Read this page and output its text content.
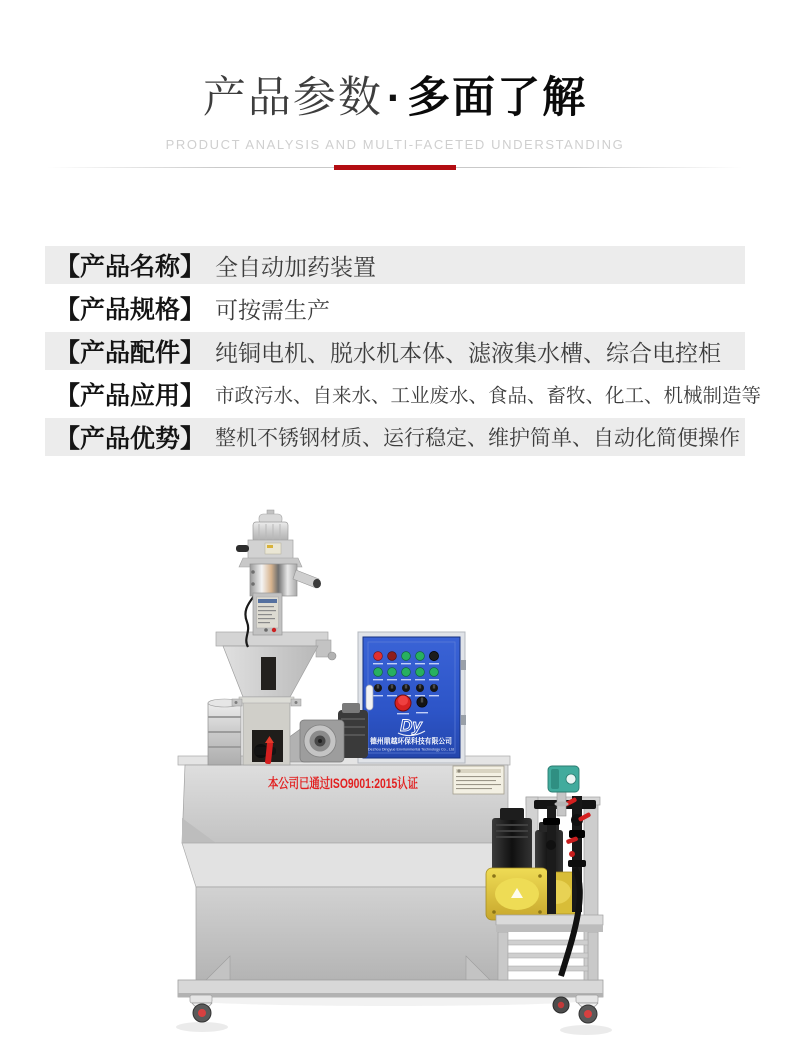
产品参数·多面了解
PRODUCT ANALYSIS AND MULTI-FACETED UNDERSTANDING
【产品名称】 全自动加药装置
【产品规格】 可按需生产
【产品配件】 纯铜电机、脱水机本体、滤液集水槽、综合电控柜
【产品应用】 市政污水、自来水、工业废水、食品、畜牧、化工、机械制造等
【产品优势】 整机不锈钢材质、运行稳定、维护简单、自动化简便操作
本公司已通过ISO9001:2015认证
Dy
德州鼎越环保科技有限公司
Dezhou Dingyue Environmental Technology Co., Ltd
